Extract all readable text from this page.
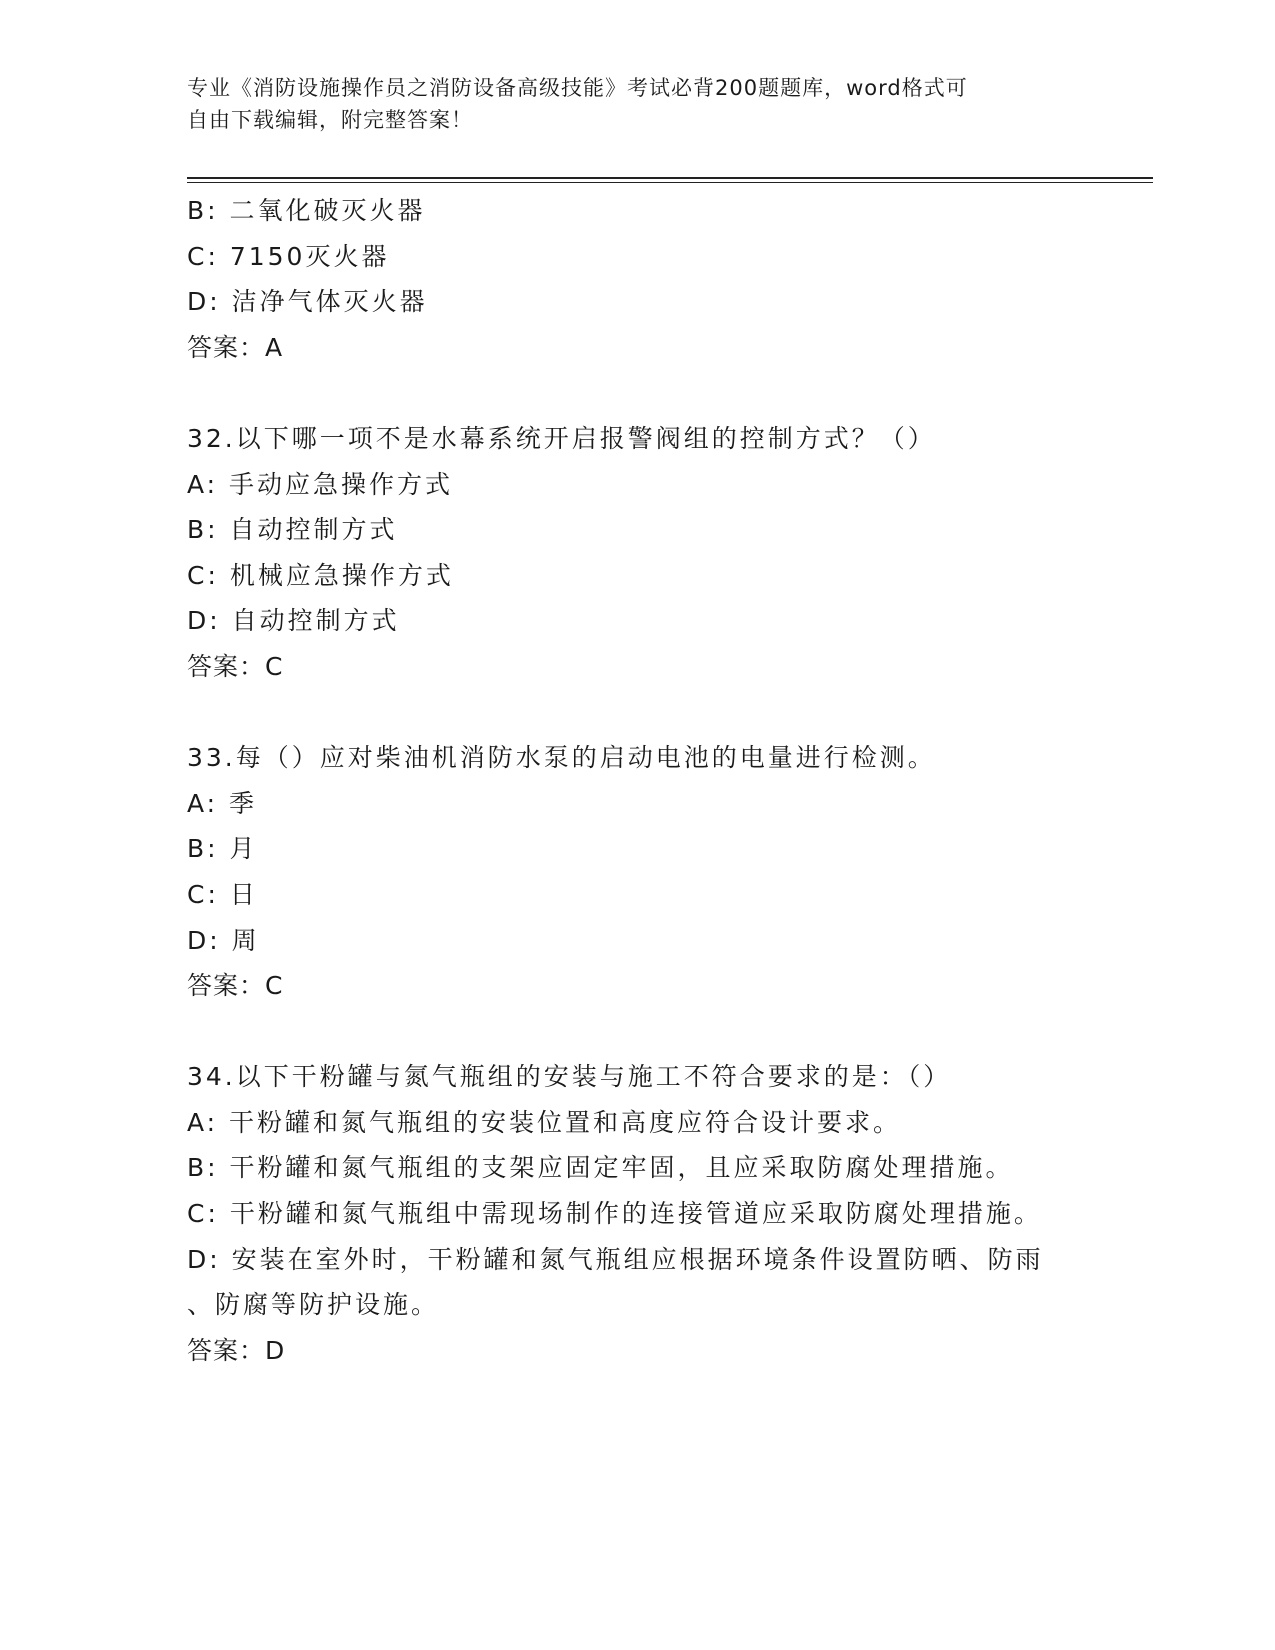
专业《消防设施操作员之消防设备高级技能》考试必背200题题库，word格式可
自由下载编辑，附完整答案！
B: 二氧化破灭火器
C: 7150灭火器
D: 洁净气体灭火器
答案：A
32.以下哪一项不是水幕系统开启报警阀组的控制方式？（）
A: 手动应急操作方式
B: 自动控制方式
C: 机械应急操作方式
D: 自动控制方式
答案：C
33.每（）应对柴油机消防水泵的启动电池的电量进行检测。
A: 季
B: 月
C: 日
D: 周
答案：C
34.以下干粉罐与氮气瓶组的安装与施工不符合要求的是：（）
A: 干粉罐和氮气瓶组的安装位置和高度应符合设计要求。
B: 干粉罐和氮气瓶组的支架应固定牢固，且应采取防腐处理措施。
C: 干粉罐和氮气瓶组中需现场制作的连接管道应采取防腐处理措施。
D: 安装在室外时，干粉罐和氮气瓶组应根据环境条件设置防晒、防雨
、防腐等防护设施。
答案：D
